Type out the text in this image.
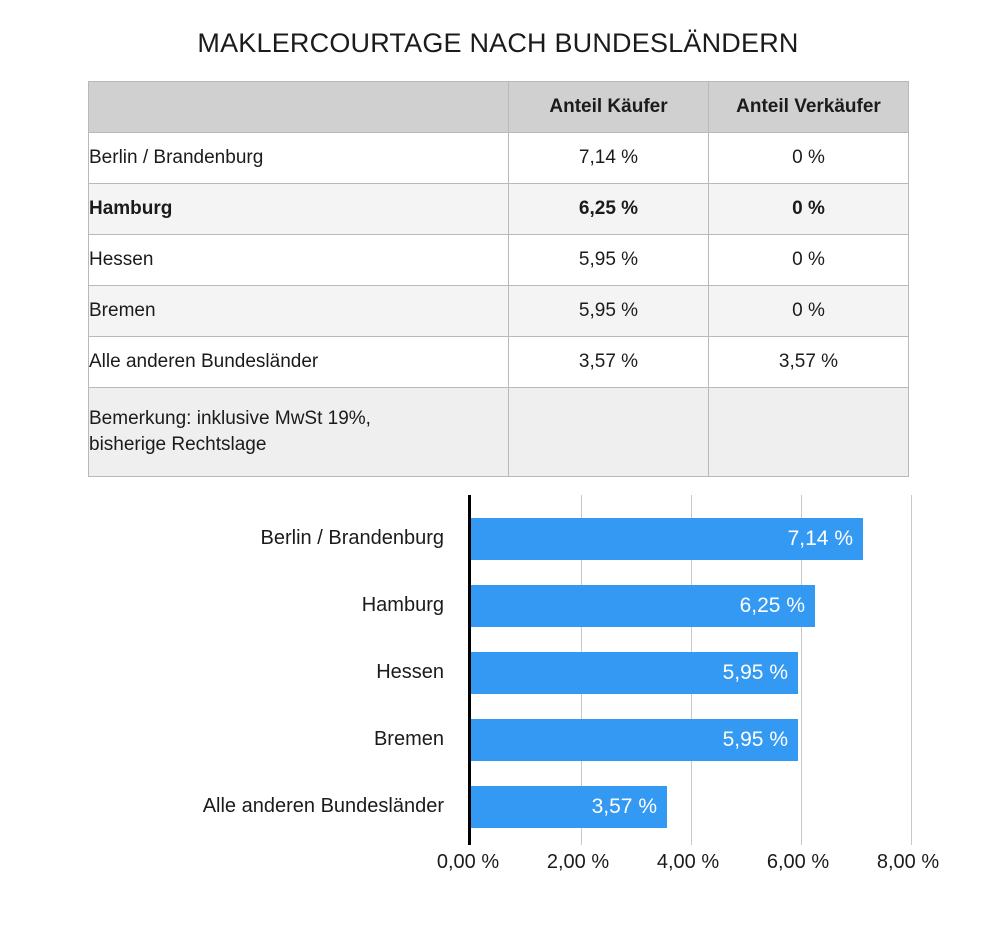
MAKLERCOURTAGE NACH BUNDESLÄNDERN
	Anteil Käufer	Anteil Verkäufer
Berlin / Brandenburg	7,14 %	0 %
Hamburg	6,25 %	0 %
Hessen	5,95 %	0 %
Bremen	5,95 %	0 %
Alle anderen Bundesländer	3,57 %	3,57 %

Bemerkung: inklusive MwSt 19%,
bisherige Rechtslage		

Berlin / Brandenburg
Hamburg
Hessen
Bremen
Alle anderen Bundesländer
7,14 %
6,25 %
5,95 %
5,95 %
3,57 %
0,00 % 2,00 % 4,00 % 6,00 % 8,00 %
